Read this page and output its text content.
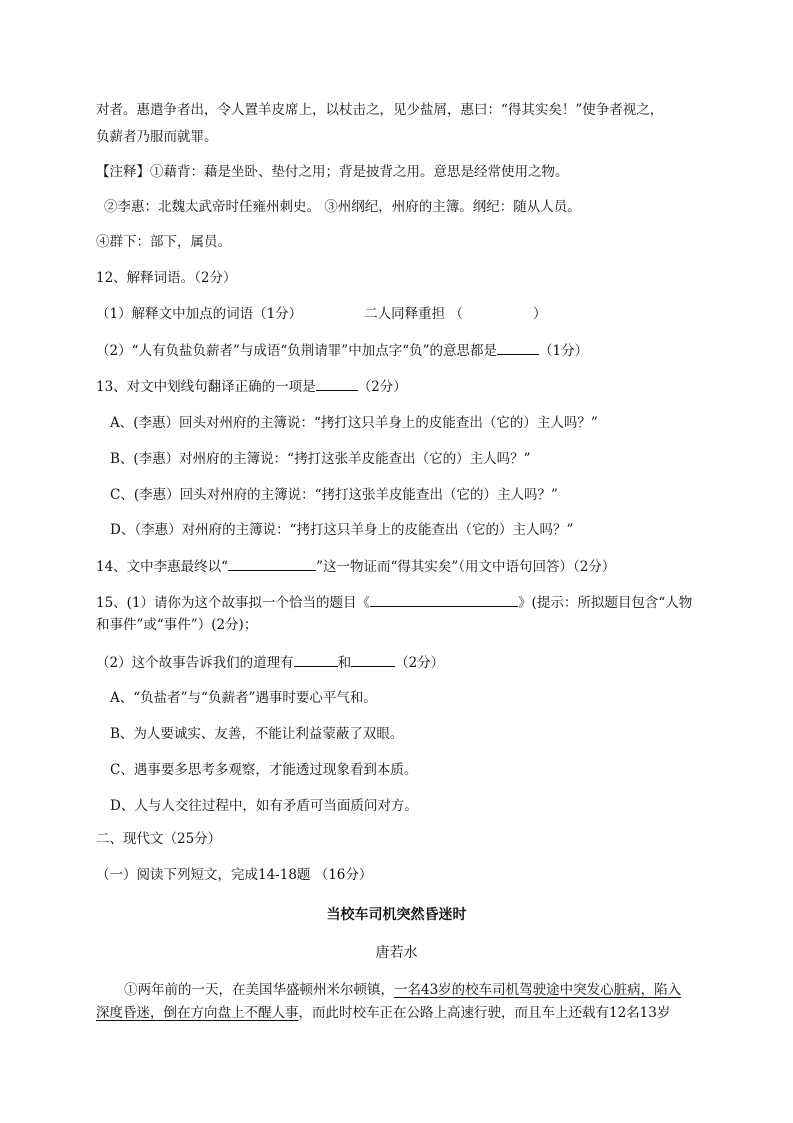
对者。惠遣争者出，令人置羊皮席上，以杖击之，见少盐屑，惠曰：“得其实矣！”使争者视之，
负薪者乃服而就罪。
【注释】①藉背：藉是坐卧、垫付之用；背是披背之用。意思是经常使用之物。
②李惠：北魏太武帝时任雍州刺史。 ③州纲纪，州府的主簿。纲纪：随从人员。
④群下：部下，属员。
12、解释词语。（2分）
（1）解释文中加点的词语（1分）	二人同释重担 （	）
（2）“人有负盐负薪者”与成语“负荆请罪”中加点字“负”的意思都是	（1分）
13、对文中划线句翻译正确的一项是	（2分）
A、(李惠）回头对州府的主簿说：“拷打这只羊身上的皮能查出（它的）主人吗？”
B、(李惠）对州府的主簿说：“拷打这张羊皮能查出（它的）主人吗？”
C、(李惠）回头对州府的主簿说：“拷打这张羊皮能查出（它的）主人吗？”
D、（李惠）对州府的主簿说：“拷打这只羊身上的皮能查出（它的）主人吗？”
14、文中李惠最终以“	”这一物证而“得其实矣”（用文中语句回答）（2分）
15、(1）请你为这个故事拟一个恰当的题目《	》(提示：所拟题目包含“人物
和事件”或“事件”）(2分)；
（2）这个故事告诉我们的道理有	和	（2分）
A、“负盐者”与“负薪者”遇事时要心平气和。
B、为人要诚实、友善，不能让利益蒙蔽了双眼。
C、遇事要多思考多观察，才能透过现象看到本质。
D、人与人交往过程中，如有矛盾可当面质问对方。
二、现代文（25分）
（一）阅读下列短文，完成14-18题 （16分）
当校车司机突然昏迷时
唐若水
①两年前的一天，在美国华盛顿州米尔顿镇，一名43岁的校车司机驾驶途中突发心脏病，陷入
深度昏迷，倒在方向盘上不醒人事，而此时校车正在公路上高速行驶，而且车上还载有12名13岁
